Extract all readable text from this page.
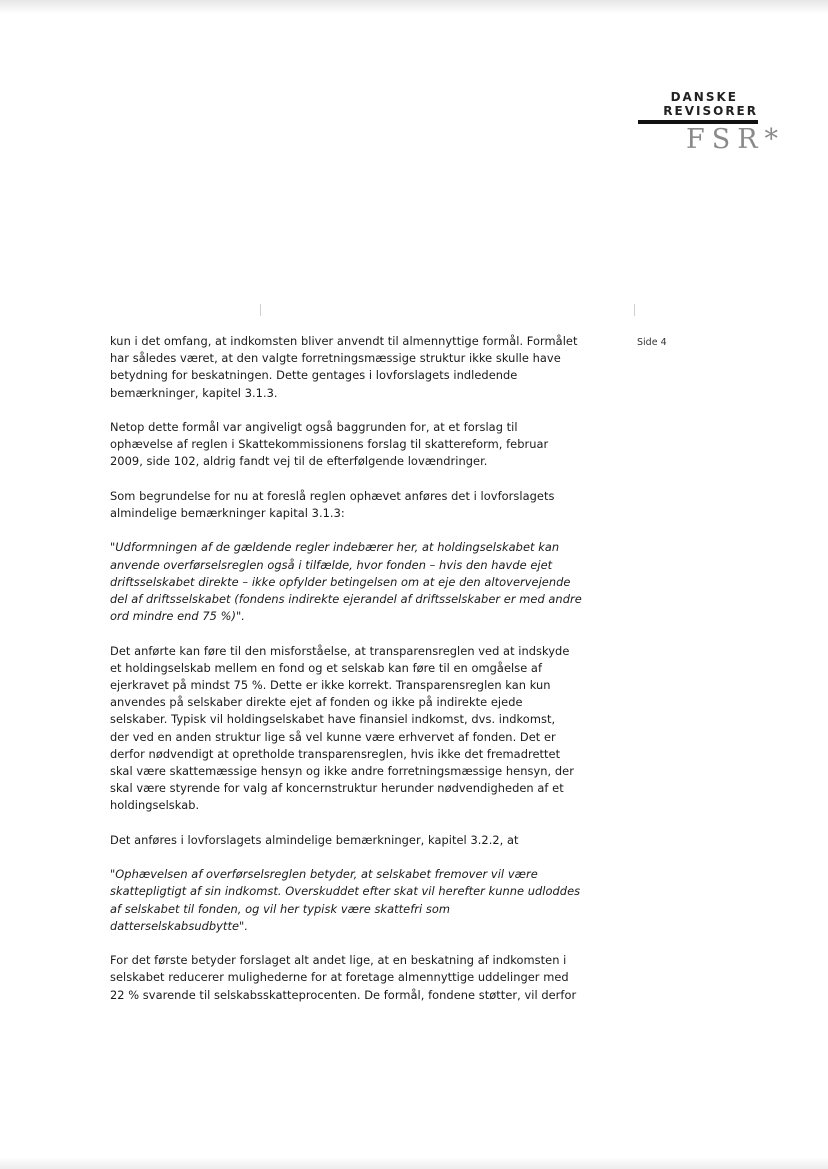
DANSKE
REVISORER
FSR*
Side 4

kun i det omfang, at indkomsten bliver anvendt til almennyttige formål. Formålet
har således været, at den valgte forretningsmæssige struktur ikke skulle have
betydning for beskatningen. Dette gentages i lovforslagets indledende
bemærkninger, kapitel 3.1.3.

Netop dette formål var angiveligt også baggrunden for, at et forslag til
ophævelse af reglen i Skattekommissionens forslag til skattereform, februar
2009, side 102, aldrig fandt vej til de efterfølgende lovændringer.

Som begrundelse for nu at foreslå reglen ophævet anføres det i lovforslagets
almindelige bemærkninger kapital 3.1.3:

"Udformningen af de gældende regler indebærer her, at holdingselskabet kan
anvende overførselsreglen også i tilfælde, hvor fonden – hvis den havde ejet
driftsselskabet direkte – ikke opfylder betingelsen om at eje den altovervejende
del af driftsselskabet (fondens indirekte ejerandel af driftsselskaber er med andre
ord mindre end 75 %)".

Det anførte kan føre til den misforståelse, at transparensreglen ved at indskyde
et holdingselskab mellem en fond og et selskab kan føre til en omgåelse af
ejerkravet på mindst 75 %. Dette er ikke korrekt. Transparensreglen kan kun
anvendes på selskaber direkte ejet af fonden og ikke på indirekte ejede
selskaber. Typisk vil holdingselskabet have finansiel indkomst, dvs. indkomst,
der ved en anden struktur lige så vel kunne være erhvervet af fonden. Det er
derfor nødvendigt at opretholde transparensreglen, hvis ikke det fremadrettet
skal være skattemæssige hensyn og ikke andre forretningsmæssige hensyn, der
skal være styrende for valg af koncernstruktur herunder nødvendigheden af et
holdingselskab.

Det anføres i lovforslagets almindelige bemærkninger, kapitel 3.2.2, at

"Ophævelsen af overførselsreglen betyder, at selskabet fremover vil være
skattepligtigt af sin indkomst. Overskuddet efter skat vil herefter kunne udloddes
af selskabet til fonden, og vil her typisk være skattefri som
datterselskabsudbytte".

For det første betyder forslaget alt andet lige, at en beskatning af indkomsten i
selskabet reducerer mulighederne for at foretage almennyttige uddelinger med
22 % svarende til selskabsskatteprocenten. De formål, fondene støtter, vil derfor
